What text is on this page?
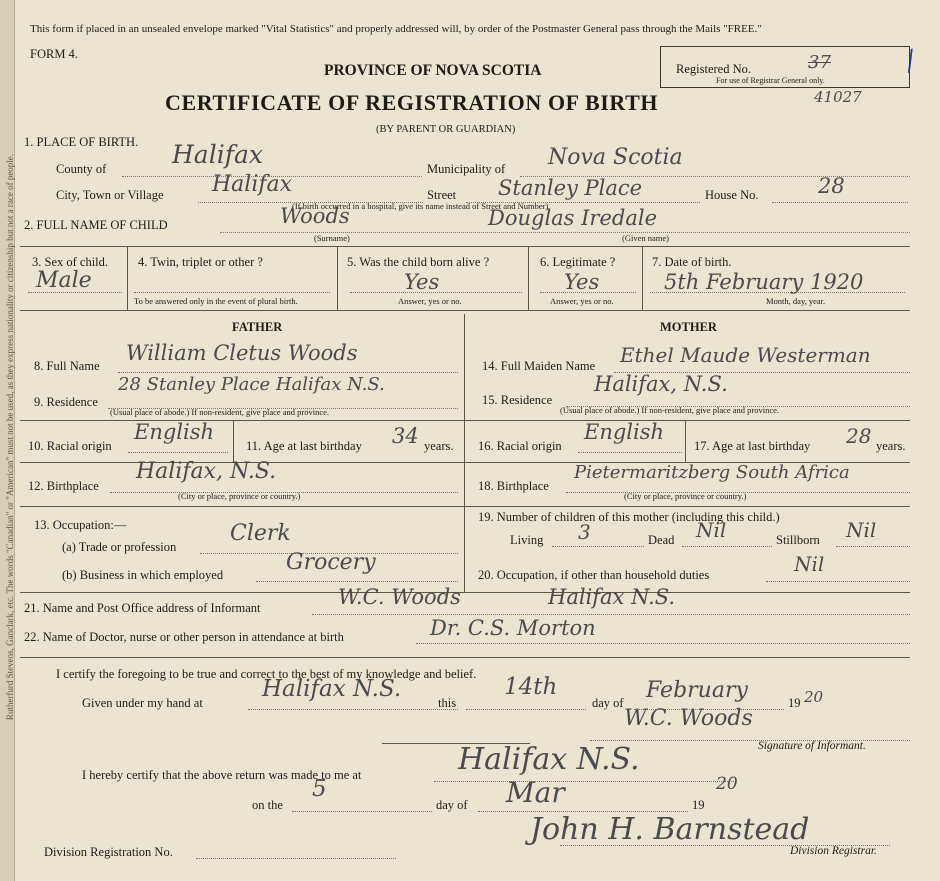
Rutherfurd Stevens, Ganclark, etc. The words "Canadian" or "American" must not be used, as they express nationality or citizenship but not a race of people.
This form if placed in an unsealed envelope marked "Vital Statistics" and properly addressed will, by order of the Postmaster General pass through the Mails "FREE."
FORM 4.
PROVINCE OF NOVA SCOTIA
CERTIFICATE OF REGISTRATION OF BIRTH
(BY PARENT OR GUARDIAN)
Registered No.	37
For use of Registrar General only.
41027
/
1. PLACE OF BIRTH.
County of	Halifax	Municipality of Nova Scotia
City, Town or Village Halifax	Street Stanley Place	House No.	28
(If birth occurred in a hospital, give its name instead of Street and Number)
2. FULL NAME OF CHILD	Woods	Douglas Iredale
(Surname)	(Given name)
3. Sex of child.
Male
4. Twin, triplet or other ?
To be answered only in the event of plural birth.
5. Was the child born alive ?
Yes
Answer, yes or no.
6. Legitimate ?
Yes
Answer, yes or no.
7. Date of birth.
5th February 1920
Month, day, year.
FATHER	MOTHER
8. Full Name
William Cletus Woods
9. Residence
28 Stanley Place Halifax N.S.
(Usual place of abode.) If non-resident, give place and province.
10. Racial origin
English
11. Age at last birthday 34 years.
12. Birthplace
Halifax, N.S.
(City or place, province or country.)
13. Occupation:—
(a) Trade or profession
Clerk
(b) Business in which employed	Grocery
14. Full Maiden Name Ethel Maude Westerman
15. Residence
Halifax, N.S.
(Usual place of abode.) If non-resident, give place and province.
16. Racial origin
English
17. Age at last birthday 28 years.
18. Birthplace
Pietermaritzberg South Africa
(City or place, province or country.)
19. Number of children of this mother (including this child.)
Living 3	Dead Nil	Stillborn Nil
20. Occupation, if other than household duties	Nil
21. Name and Post Office address of Informant	W.C. Woods	Halifax N.S.
22. Name of Doctor, nurse or other person in attendance at birth	Dr. C.S. Morton
I certify the foregoing to be true and correct to the best of my knowledge and belief.
Given under my hand at
Halifax N.S.
this
14th
day of February	19 20
W.C. Woods
Signature of Informant.
I hereby certify that the above return was made to me at	Halifax N.S.
on the
5
day of Mar	19
20
Division Registration No.
John H. Barnstead
Division Registrar.
